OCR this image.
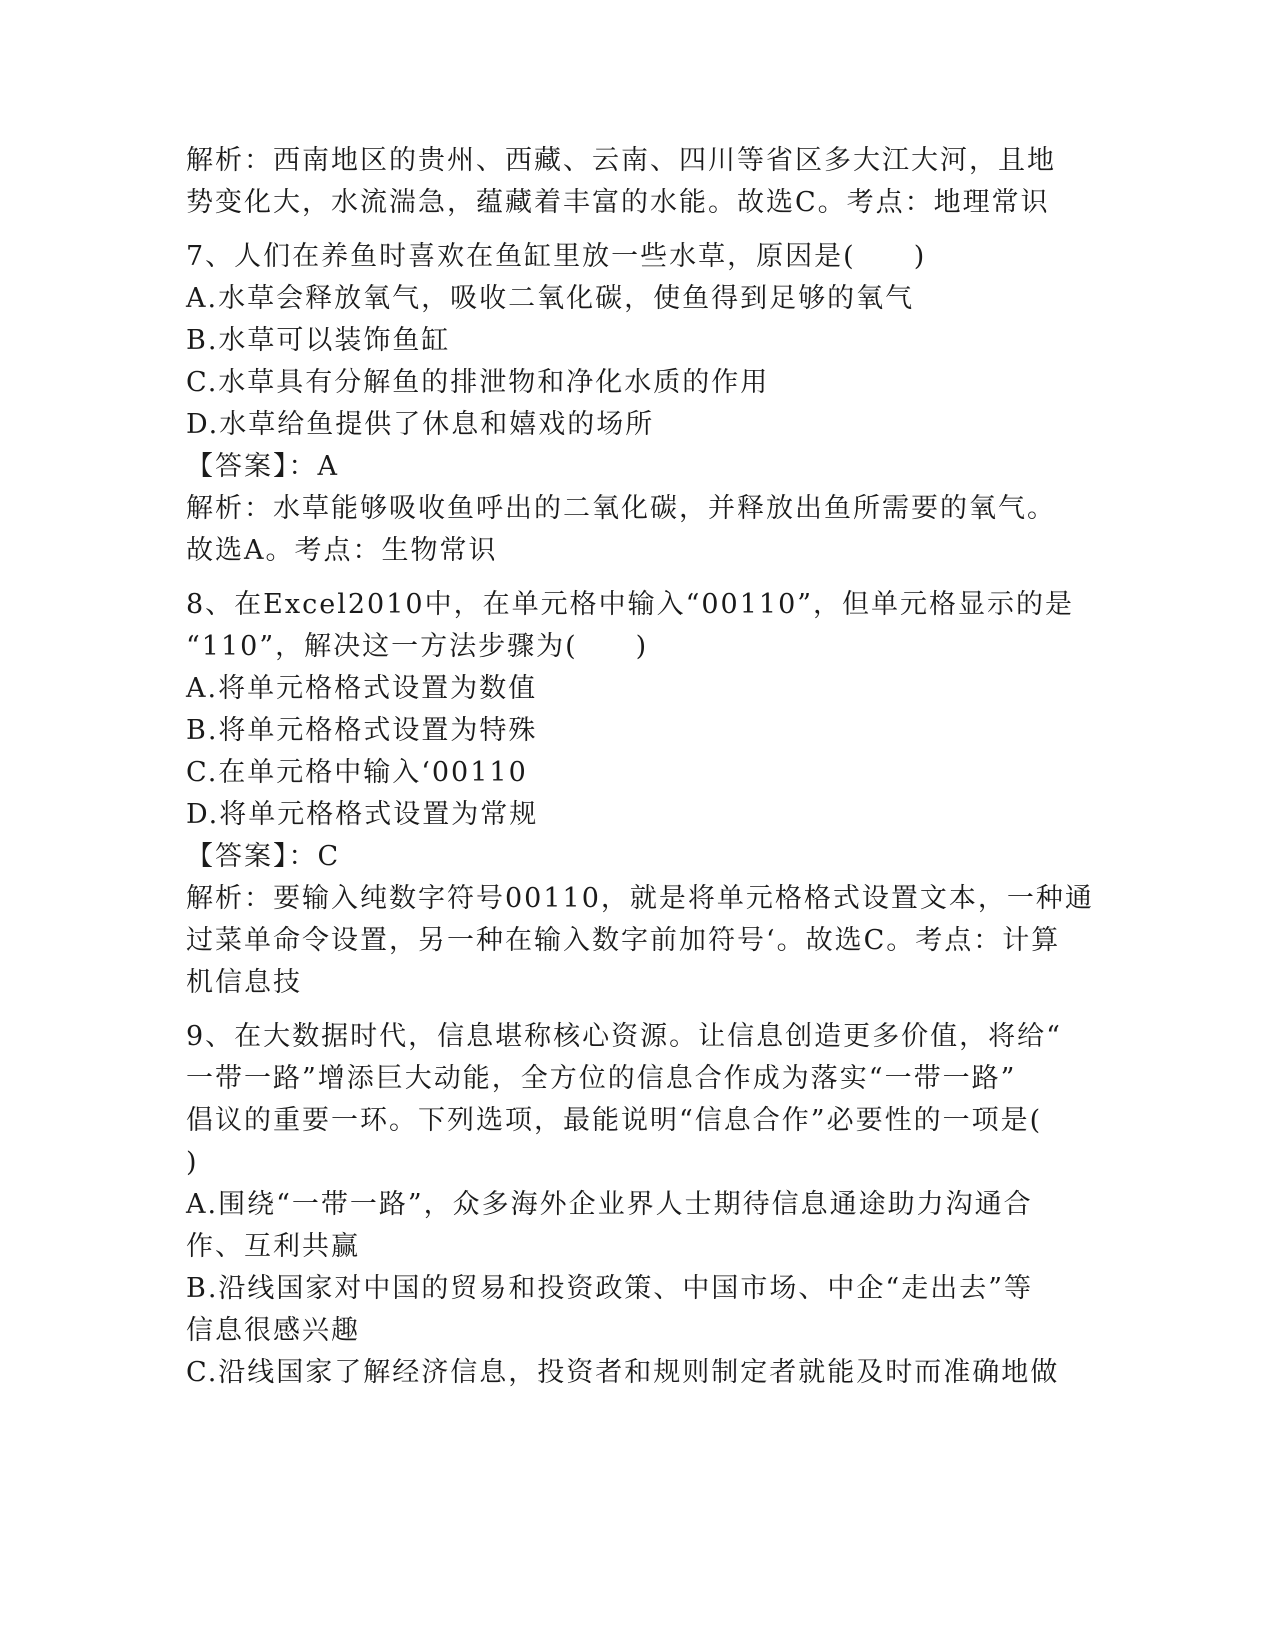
解析：西南地区的贵州、西藏、云南、四川等省区多大江大河，且地
势变化大，水流湍急，蕴藏着丰富的水能。故选C。考点：地理常识
7、人们在养鱼时喜欢在鱼缸里放一些水草，原因是(　　)
A.水草会释放氧气，吸收二氧化碳，使鱼得到足够的氧气
B.水草可以装饰鱼缸
C.水草具有分解鱼的排泄物和净化水质的作用
D.水草给鱼提供了休息和嬉戏的场所
【答案】：A
解析：水草能够吸收鱼呼出的二氧化碳，并释放出鱼所需要的氧气。
故选A。考点：生物常识
8、在Excel2010中，在单元格中输入“00110”，但单元格显示的是
“110”，解决这一方法步骤为(　　)
A.将单元格格式设置为数值
B.将单元格格式设置为特殊
C.在单元格中输入‘00110
D.将单元格格式设置为常规
【答案】：C
解析：要输入纯数字符号00110，就是将单元格格式设置文本，一种通
过菜单命令设置，另一种在输入数字前加符号‘。故选C。考点：计算
机信息技
9、在大数据时代，信息堪称核心资源。让信息创造更多价值，将给“
一带一路”增添巨大动能，全方位的信息合作成为落实“一带一路”
倡议的重要一环。下列选项，最能说明“信息合作”必要性的一项是(
)
A.围绕“一带一路”，众多海外企业界人士期待信息通途助力沟通合
作、互利共赢
B.沿线国家对中国的贸易和投资政策、中国市场、中企“走出去”等
信息很感兴趣
C.沿线国家了解经济信息，投资者和规则制定者就能及时而准确地做
